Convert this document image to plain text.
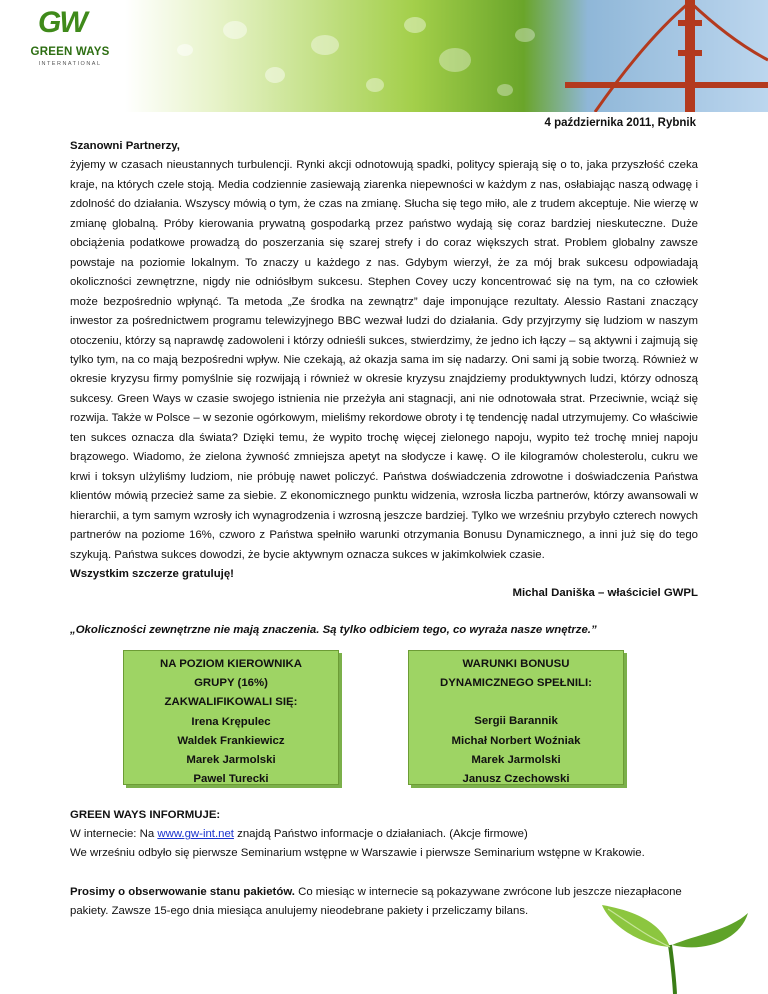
GW
GREEN WAYS
INTERNATIONAL
4 października 2011, Rybnik
Szanowni Partnerzy,

żyjemy w czasach nieustannych turbulencji. Rynki akcji odnotowują spadki, politycy spierają się o to, jaka przyszłość czeka kraje, na których czele stoją. Media codziennie zasiewają ziarenka niepewności w każdym z nas, osłabiając naszą odwagę i zdolność do działania. Wszyscy mówią o tym, że czas na zmianę. Słucha się tego miło, ale z trudem akceptuje. Nie wierzę w zmianę globalną. Próby kierowania prywatną gospodarką przez państwo wydają się coraz bardziej nieskuteczne. Duże obciążenia podatkowe prowadzą do poszerzania się szarej strefy i do coraz większych strat. Problem globalny zawsze powstaje na poziomie lokalnym. To znaczy u każdego z nas. Gdybym wierzył, że za mój brak sukcesu odpowiadają okoliczności zewnętrzne, nigdy nie odniósłbym sukcesu. Stephen Covey uczy koncentrować się na tym, na co człowiek może bezpośrednio wpłynąć. Ta metoda „Ze środka na zewnątrz” daje imponujące rezultaty. Alessio Rastani znaczący inwestor za pośrednictwem programu telewizyjnego BBC wezwał ludzi do działania. Gdy przyjrzymy się ludziom w naszym otoczeniu, którzy są naprawdę zadowoleni i którzy odnieśli sukces, stwierdzimy, że jedno ich łączy – są aktywni i zajmują się tylko tym, na co mają bezpośredni wpływ. Nie czekają, aż okazja sama im się nadarzy. Oni sami ją sobie tworzą. Również w okresie kryzysu firmy pomyślnie się rozwijają i również w okresie kryzysu znajdziemy produktywnych ludzi, którzy odnoszą sukcesy. Green Ways w czasie swojego istnienia nie przeżyła ani stagnacji, ani nie odnotowała strat. Przeciwnie, wciąż się rozwija. Także w Polsce – w sezonie ogórkowym, mieliśmy rekordowe obroty i tę tendencję nadal utrzymujemy. Co właściwie ten sukces oznacza dla świata? Dzięki temu, że wypito trochę więcej zielonego napoju, wypito też trochę mniej napoju brązowego. Wiadomo, że zielona żywność zmniejsza apetyt na słodycze i kawę. O ile kilogramów cholesterolu, cukru we krwi i toksyn ulżyliśmy ludziom, nie próbuję nawet policzyć. Państwa doświadczenia zdrowotne i doświadczenia Państwa klientów mówią przecież same za siebie. Z ekonomicznego punktu widzenia, wzrosła liczba partnerów, którzy awansowali w hierarchii, a tym samym wzrosły ich wynagrodzenia i wzrosną jeszcze bardziej. Tylko we wrześniu przybyło czterech nowych partnerów na poziome 16%, czworo z Państwa spełniło warunki otrzymania Bonusu Dynamicznego, a inni już się do tego szykują. Państwa sukces dowodzi, że bycie aktywnym oznacza sukces w jakimkolwiek czasie.

Wszystkim szczerze gratuluję!
Michal Daniška – właściciel GWPL
„Okoliczności zewnętrzne nie mają znaczenia. Są tylko odbiciem tego, co wyraża nasze wnętrze.”
NA POZIOM KIEROWNIKA
GRUPY (16%)
ZAKWALIFIKOWALI SIĘ:
Irena Krępulec
Waldek Frankiewicz
Marek Jarmolski
Pawel Turecki
WARUNKI BONUSU
DYNAMICZNEGO SPEŁNILI:
Sergii Barannik
Michał Norbert Woźniak
Marek Jarmolski
Janusz Czechowski
GREEN WAYS INFORMUJE:
W internecie: Na www.gw-int.net znajdą Państwo informacje o działaniach. (Akcje firmowe)
We wrześniu odbyło się pierwsze Seminarium wstępne w Warszawie i pierwsze Seminarium wstępne w Krakowie.
Prosimy o obserwowanie stanu pakietów. Co miesiąc w internecie są pokazywane zwrócone lub jeszcze niezapłacone pakiety. Zawsze 15-ego dnia miesiąca anulujemy nieodebrane pakiety i przeliczamy bilans.
